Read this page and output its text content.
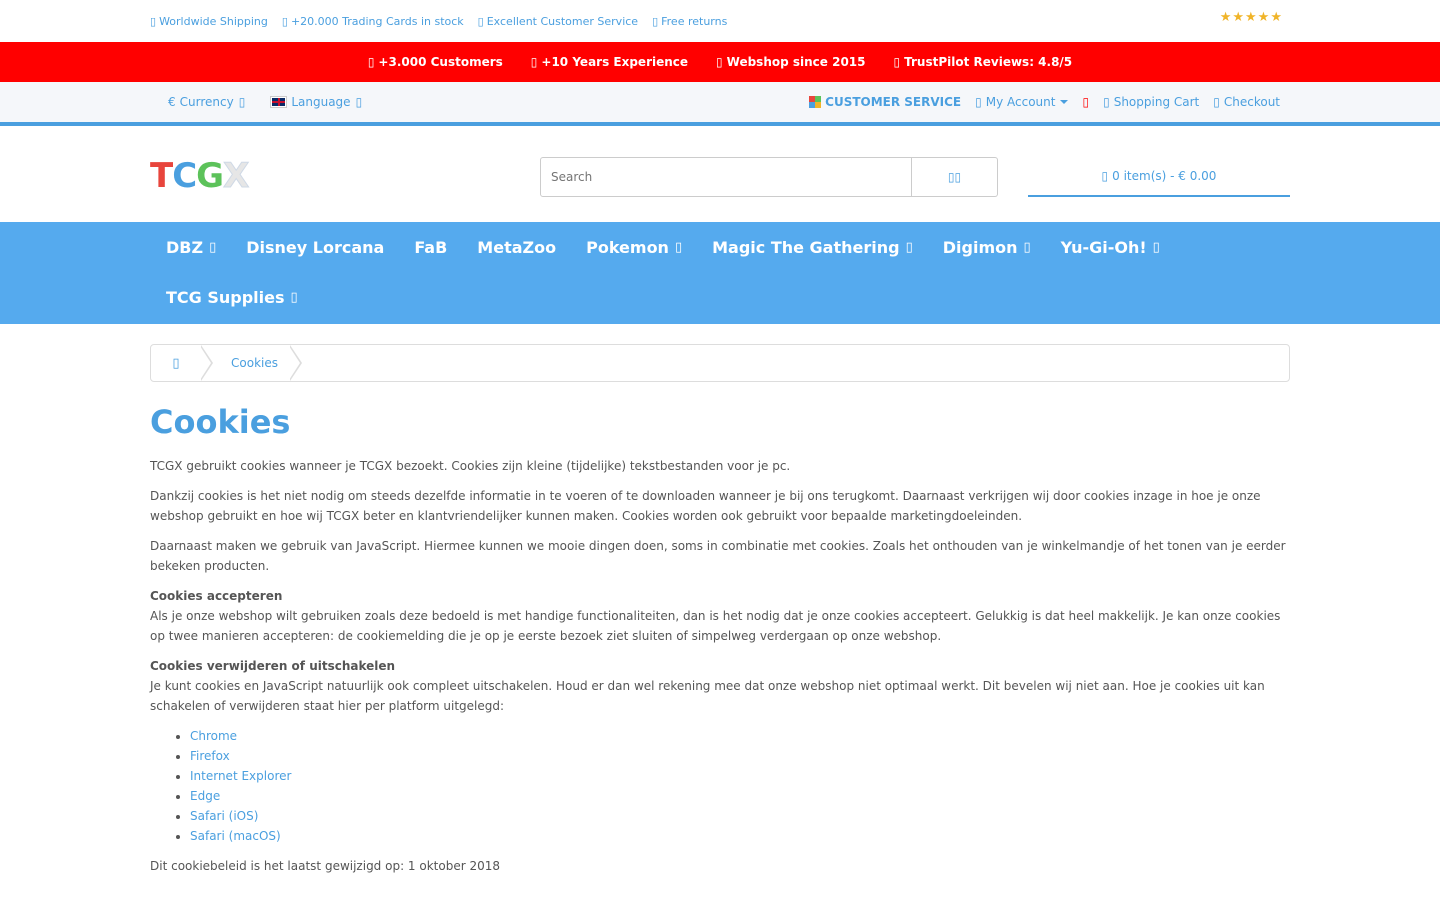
▯ Worldwide Shipping ▯ +20.000 Trading Cards in stock ▯ Excellent Customer Service ▯ Free returns	★★★★★
▯ +3.000 Customers ▯ +10 Years Experience ▯ Webshop since 2015 ▯ TrustPilot Reviews: 4.8/5
€ Currency ▯	Language ▯	CUSTOMER SERVICE ▯ My Account ▯ ▯ Shopping Cart ▯ Checkout
TCGX
Search	▯▯	▯ 0 item(s) - € 0.00
DBZ ▯ Disney Lorcana FaB MetaZoo Pokemon ▯ Magic The Gathering ▯ Digimon ▯ Yu-Gi-Oh! ▯
TCG Supplies ▯
▯	Cookies
Cookies

TCGX gebruikt cookies wanneer je TCGX bezoekt. Cookies zijn kleine (tijdelijke) tekstbestanden voor je pc.

Dankzij cookies is het niet nodig om steeds dezelfde informatie in te voeren of te downloaden wanneer je bij ons terugkomt. Daarnaast verkrijgen wij door cookies inzage in hoe je onze webshop gebruikt en hoe wij TCGX beter en klantvriendelijker kunnen maken. Cookies worden ook gebruikt voor bepaalde marketingdoeleinden.

Daarnaast maken we gebruik van JavaScript. Hiermee kunnen we mooie dingen doen, soms in combinatie met cookies. Zoals het onthouden van je winkelmandje of het tonen van je eerder bekeken producten.

Cookies accepteren

Als je onze webshop wilt gebruiken zoals deze bedoeld is met handige functionaliteiten, dan is het nodig dat je onze cookies accepteert. Gelukkig is dat heel makkelijk. Je kan onze cookies op twee manieren accepteren: de cookiemelding die je op je eerste bezoek ziet sluiten of simpelweg verdergaan op onze webshop.

Cookies verwijderen of uitschakelen

Je kunt cookies en JavaScript natuurlijk ook compleet uitschakelen. Houd er dan wel rekening mee dat onze webshop niet optimaal werkt. Dit bevelen wij niet aan. Hoe je cookies uit kan schakelen of verwijderen staat hier per platform uitgelegd:

• Chrome
• Firefox
• Internet Explorer
• Edge
• Safari (iOS)
• Safari (macOS)

Dit cookiebeleid is het laatst gewijzigd op: 1 oktober 2018
